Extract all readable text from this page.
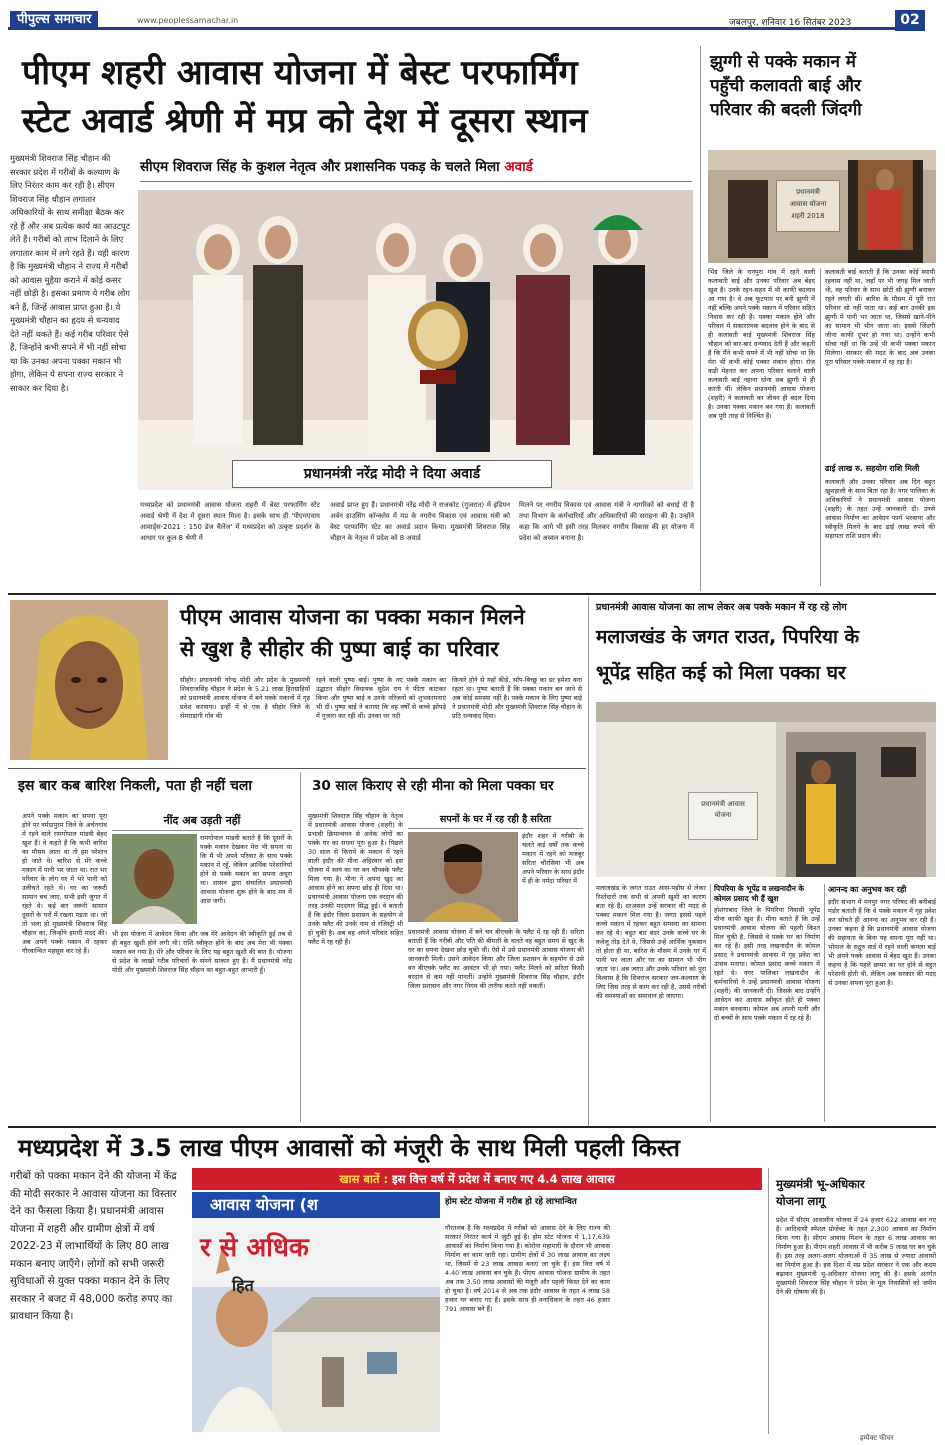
पीपुल्स समाचार	www.peoplessamachar.in	जबलपुर, शनिवार 16 सितंबर 2023	02
पीएम शहरी आवास योजना में बेस्ट परफार्मिंग
स्टेट अवार्ड श्रेणी में मप्र को देश में दूसरा स्थान
मुख्यमंत्री शिवराज सिंह चौहान की सरकार प्रदेश में गरीबों के कल्याण के लिए निरंतर काम कर रही है। सीएम शिवराज सिंह चौहान लगातार अधिकारियों के साथ समीक्षा बैठक कर रहे हैं और अब प्रत्येक कार्य का आउटपुट लेते हैं। गरीबों को लाभ दिलाने के लिए लगातार काम में लगे रहते हैं। यही कारण है कि मुख्यमंत्री चौहान ने राज्य में गरीबों को आवास मुहैया कराने में कोई कसर नहीं छोड़ी है। इसका प्रमाण ये गरीब लोग बने हैं, जिन्हें आवास प्राप्त हुआ है। ये मुख्यमंत्री चौहान का हृदय से धन्यवाद देते नहीं थकते हैं। कई गरीब परिवार ऐसे हैं, जिन्होंने कभी सपने में भी नहीं सोचा था कि उनका अपना पक्का मकान भी होगा, लेकिन ये सपना राज्य सरकार ने साकार कर दिया है।
सीएम शिवराज सिंह के कुशल नेतृत्व और प्रशासनिक पकड़ के चलते मिला अवार्ड
प्रधानमंत्री नरेंद्र मोदी ने दिया अवार्ड
मध्यप्रदेश को प्रधानमंत्री आवास योजना शहरी में बेस्ट परफार्मिंग स्टेट अवार्ड श्रेणी में देश में दूसरा स्थान मिला है। इसके साथ ही 'पीएमएवाय आवार्ड्स-2021 : 150 डेज चैलेंज' में मध्यप्रदेश को उत्कृष्ट प्रदर्शन के आधार पर कुल 8 श्रेणी में
अवार्ड प्राप्त हुए हैं। प्रधानमंत्री नरेंद्र मोदी ने राजकोट (गुजरात) में इंडियन अर्बन हाउसिंग कॉन्क्लेव में मप्र के नगरीय विकास एवं आवास मंत्री को बेस्ट परफार्मिंग स्टेट का अवार्ड प्रदान किया। मुख्यमंत्री शिवराज सिंह चौहान के नेतृत्व में प्रदेश को 8 अवार्ड
मिलने पर नगरीय विकास एवं आवास मंत्री ने नागरिकों को बधाई दी है तथा विभाग के कर्मचारियों और अधिकारियों की सराहना की है। उन्होंने कहा कि आगे भी इसी तरह मिलकर नगरीय विकास की हर योजना में प्रदेश को अव्वल बनाना है।
झुग्गी से पक्के मकान में
पहुँची कलावती बाई और
परिवार की बदली जिंदगी
प्रधानमंत्री
आवास योजना
शहरी 2018
भिंड जिले के रानपुरा गांव में रहने वाली कलावती बाई और उनका परिवार अब बेहद खुश है। उनके रहन-सहन में भी काफी बदलाव आ गया है। वे अब फूटपाथ पर बनी झुग्गी में नहीं बल्कि अपने पक्के मकान में परिवार सहित निवास कर रही हैं। पक्का मकान होने और परिवार में सकारात्मक बदलाव होने के बाद से ही कलावती बाई मुख्यमंत्री शिवराज सिंह चौहान को बार-बार धन्यवाद देती हैं और कहती हैं कि मैंने कभी सपने में भी नहीं सोचा था कि मेरा भी कभी कोई पक्का मकान होगा। रोज कड़ी मेहनत कर अपना परिवार चलाने वाली कलावती बाई नहाना धोना सब झुग्गी में ही करती थीं। लेकिन प्रधानमंत्री आवास योजना (शहरी) ने कलावती का जीवन ही बदल दिया है। उनका पक्का मकान बन गया है। कलावती अब पूरी तरह से निश्चिंत हैं।
कलावती बाई बताती हैं कि उनका कोई स्थायी रहवास नहीं था, जहाँ पर भी जगह मिल जाती थी, वह परिवार के साथ छोटी सी झुग्गी बनाकर रहने लगती थीं। बारिश के मौसम में पूरी रात परिवार सो नहीं पाता था। कई बार उनकी इस झुग्गी में पानी भर जाता था, जिससे खाने-पीने का सामान भी भीग जाता था। इससे जिंदगी जीना काफी दूभर हो गया था। उन्होंने कभी सोचा नहीं था कि उन्हें भी कभी पक्का मकान मिलेगा। सरकार की मदद के बाद अब उनका पूरा परिवार पक्के मकान में रह रहा है।
ढाई लाख रु. सहयोग राशि मिली
कलावती और उनका परिवार अब दिन बहुत खुशहाली के साथ बिता रहा है। नगर पालिका के अधिकारियों ने प्रधानमंत्री आवास योजना (शहरी) के तहत उन्हें जानकारी दी। उनसे आवास निर्माण का आवेदन फार्म भरवाया और स्वीकृति मिलने के बाद ढाई लाख रुपये की सहायता राशि प्रदान की।
पीएम आवास योजना का पक्का मकान मिलने
से खुश है सीहोर की पुष्पा बाई का परिवार
सीहोर। प्रधानमंत्री नरेन्द्र मोदी और प्रदेश के मुख्यमंत्री शिवराजसिंह चौहान ने प्रदेश के 5.21 लाख हितग्राहियों को प्रधानमंत्री आवास योजना में बने पक्के मकानों में गृह प्रवेश करवाया। इन्हीं में से एक है सीहोर जिले के सेमराडांगी गाँव की
रहने वाली पुष्पा बाई। पुष्पा के नए पक्के मकान का उद्घाटन सीहोर विधायक सुदेश राय ने फीता काटकर किया और पुष्पा बाई व उनके परिजनों को शुभकामनाएं भी दीं। पुष्पा बाई ने बताया कि वह वर्षों से कच्चे झोपड़े में गुजारा कर रही थीं। उनका घर नदी
किनारे होने से यहाँ कीड़े, साँप-बिच्छू का डर हमेशा बना रहता था। पुष्पा बताती हैं कि पक्का मकान बन जाने से अब कोई समस्या नहीं है। पक्के मकान के लिए पुष्पा बाई ने प्रधानमंत्री मोदी और मुख्यमंत्री शिवराज सिंह चौहान के प्रति धन्यवाद दिया।
प्रधानमंत्री आवास योजना का लाभ लेकर अब पक्के मकान में रह रहे लोग
मलाजखंड के जगत राउत, पिपरिया के
भूपेंद्र सहित कई को मिला पक्का घर
प्रधानमंत्री आवास योजना
मलाजखंड के जगत राउत आस-पड़ोस से लेकर रिश्तेदारों तक सभी से अपनी खुशी का कारण बता रहे हैं। दरअसल उन्हें सरकार की मदद से पक्का मकान मिल गया है। जगत इससे पहले कच्चे मकान में रहकर बहुत समस्या का सामना कर रहे थे। बहुत बार बंदर उनके कच्चे घर के कवेलू तोड़ देते थे, जिससे उन्हें आर्थिक नुकसान तो होता ही था, बारिश के मौसम में उनके घर में पानी भर जाता और घर का सामान भी भीग जाता था। अब जगत और उनके परिवार को पूरा विश्वास है कि शिवराज सरकार जन-कल्याण के लिए जिस तरह से काम कर रही है, उससे गरीबों की समस्याओं का समाधान हो जाएगा।
पिपरिया के भूपेंद्र व लखनादौन के कोमल प्रसाद भी हैं खुश
होशंगाबाद जिले के पिपरिया निवासी भूपेंद्र मीना काफी खुश हैं। मीना बताते हैं कि उन्हें प्रधानमंत्री आवास योजना की पहली किश्त मिल चुकी है, जिससे वे पक्के घर का निर्माण कर रहे हैं। इसी तरह लखनादौन के कोमल प्रसाद ने प्रधानमंत्री आवास में गृह प्रवेश का उत्सव मनाया। कोमल प्रसाद कच्चे मकान में रहते थे। नगर पालिका लखनादौन के कर्मचारियों ने उन्हें प्रधानमंत्री आवास योजना (शहरी) की जानकारी दी। जिसके बाद उन्होंने आवेदन कर आवास स्वीकृत होते ही पक्का मकान बनवाया। कोमल अब अपनी पत्नी और दो बच्चों के साथ पक्के मकान में रह रहे हैं।
आनन्द का अनुभव कर रही
इंदौर संभाग में मनपुर नगर परिषद की बनीबाई मंडोर बताती हैं कि वे पक्के मकान में गृह प्रवेश कर सोचते ही आनन्द का अनुभव कर रही हैं। उनका कहना है कि प्रधानमंत्री आवास योजना की सहायता के बिना यह सपना पूरा नहीं था। भोपाल के सद्गुरु वार्ड में रहने वाली कमला बाई भी अपने पक्के आवास में बेहद खुश हैं। उनका कहना है कि पहले छप्पर का घर होने से बहुत परेशानी होती थी, लेकिन अब सरकार की मदद से उनका सपना पूरा हुआ है।
इस बार कब बारिश निकली, पता ही नहीं चला
अपने पक्के मकान का सपना पूरा होने पर नर्मदापुरम जिले के अर्चनगांव में रहने वाले रामगोपाल मांडवी बेहद खुश हैं। वे कहते हैं कि कभी बारिश का मौसम आता था तो हम परेशान हो जाते थे। बारिश से मेरे कच्चे मकान में पानी भर जाता था। रात भर परिवार के लोग घर में भरे पानी को उलीचते रहते थे। घर का जरूरी सामान बच जाए, सभी इसी जुगत में रहते थे। कई बार जरूरी सामान दूसरों के घरों में रखना पड़ता था। जो तो भला हो मुख्यमंत्री शिवराज सिंह चौहान का, जिन्होंने हमारी मदद की। अब अपने पक्के मकान में रहकर गौरवान्वित महसूस कर रहे हैं।
नींद अब उड़ती नहीं
रामगोपाल मांडवी बताते हैं कि दूसरों के पक्के मकान देखकर मेरा भी सपना था कि मैं भी अपने परिवार के साथ पक्के मकान में रहूँ, लेकिन आर्थिक परेशानियाँ होने से पक्के मकान का सपना अधूरा था। शासन द्वारा संचालित प्रधानमंत्री आवास योजना शुरू होने के बाद मन में आस जगी।
भी इस योजना में आवेदन किया और जब मेरे आवेदन की स्वीकृति हुई तब से ही बहुत खुशी होने लगी थी। राशि स्वीकृत होने के बाद अब मेरा भी पक्का मकान बन गया है। मेरे और परिवार के लिए यह बहुत खुशी की बात है। योजना से प्रदेश के लाखों गरीब परिवारों के सपने साकार हुए हैं। मैं प्रधानमंत्री नरेंद्र मोदी और मुख्यमंत्री शिवराज सिंह चौहान का बहुत-बहुत आभारी हूँ।
30 साल किराए से रही मीना को मिला पक्का घर
मुख्यमंत्री शिवराज सिंह चौहान के नेतृत्व में प्रधानमंत्री आवास योजना (शहरी) के प्रभावी क्रियान्वयन से अनेक लोगों का पक्के घर का सपना पूरा हुआ है। पिछले 30 साल से किराये के मकान में रहने वाली इंदौर की मीना अहिरवार को इस योजना में स्वयं का घर बन चौपक्के फ्लैट मिला गया है। मीना ने अपना खुद का आवास होने का सपना छोड़ ही दिया था। प्रधानमंत्री आवास योजना एक वरदान की तरह उनकी मददगार सिद्ध हुई। वे बताती हैं कि इंदौर जिला प्रशासन के सहयोग से उनके फ्लैट की उनके नाम से रजिस्ट्री भी हो चुकी है। अब वह अपने परिवार सहित फ्लैट में रह रही हैं।
सपनों के घर में रह रही है सरिता
इंदौर शहर में गरीबी के चलते कई वर्षों तक कच्चे मकान में रहने को मजबूर सरिता चौरसिया भी अब अपने परिवार के साथ इंदौर में ही के नर्मदा परिसर में
प्रधानमंत्री आवास योजना में बने चन बीएचके के फ्लैट में रह रही हैं। सरिता बताती हैं कि गरीबी और पति की बीमारी के चलते वह बहुत समय से खुद के घर का सपना देखना छोड़ चुकी थीं। ऐसे में उसे प्रधानमंत्री आवास योजना की जानकारी मिली। उसने आवेदन किया और जिला प्रशासन के सहयोग से उसे वन बीएचके फ्लैट का आवंटन भी हो गया। फ्लैट मिलने को सरिता किसी वरदान से कम नहीं मानतीं। उन्होंने मुख्यमंत्री शिवराज सिंह चौहान, इंदौर जिला प्रशासन और नगर निगम की तारीफ करते नहीं थकतीं।
मध्यप्रदेश में 3.5 लाख पीएम आवासों को मंजूरी के साथ मिली पहली किस्त
गरीबों को पक्का मकान देने की योजना में केंद्र की मोदी सरकार ने आवास योजना का विस्तार देने का फैसला किया है। प्रधानमंत्री आवास योजना में शहरी और ग्रामीण क्षेत्रों में वर्ष 2022-23 में लाभार्थियों के लिए 80 लाख मकान बनाए जाएँगे। लोगों को सभी जरूरी सुविधाओं से युक्त पक्का मकान देने के लिए सरकार ने बजट में 48,000 करोड़ रुपए का प्रावधान किया है।
खास बातें : इस वित्त वर्ष में प्रदेश में बनाए गए 4.4 लाख आवास
आवास योजना (श
र से अधिक
हित
होम स्टेट योजना में गरीब हो रहे लाभान्वित
गौरतलब है कि मध्यप्रदेश में गरीबों को आवास देने के लिए राज्य की सरकार निरंतर कार्य में जुटी हुई है। होम स्टेट योजना में 1,17,639 आवासों का निर्माण किया गया है। कोरोना महामारी के दौरान भी आवास निर्माण का काम जारी रहा। ग्रामीण क्षेत्रों में 30 लाख आवास का लक्ष्य था, जिसमें से 23 लाख आवास बनाए जा चुके हैं। इस वित्त वर्ष में 4.40 लाख आवास बन चुके हैं। पीएम आवास योजना ग्रामीण के तहत अब तक 3.50 लाख आवासों की मंजूरी और पहली किस्त देने का काम हो चुका है। वर्ष 2014 से अब तक इंदौर आवास के तहत 4 लाख 58 हजार घर बनाए गए हैं। इसके साथ ही वनाधिकार के तहत 46 हजार 791 आवास बने हैं।
मुख्यमंत्री भू-अधिकार
योजना लागू
प्रदेश में सीएम आवासीय योजना में 24 हजार 622 आवास बन गए हैं। आदिवासी स्पेशल प्रोजेक्ट के तहत 2,300 आवास का निर्माण किया गया है। सीएम आवास मिशन के तहत 6 लाख आवास का निर्माण हुआ है। पीएम शहरी आवास में भी करीब 5 लाख घर बन चुके हैं। इस तरह अलग-अलग योजनाओं में 35 लाख से ज्यादा आवासों का निर्माण हुआ है। इस दिशा में मप्र प्रदेश सरकार ने एक और कदम बढ़ाकर मुख्यमंत्री भू-अधिकार योजना लागू की है। इसके अंतर्गत मुख्यमंत्री शिवराज सिंह चौहान ने प्रदेश के मूल निवासियों को जमीन देने की घोषणा की है।
इम्पैक्ट फीचर
